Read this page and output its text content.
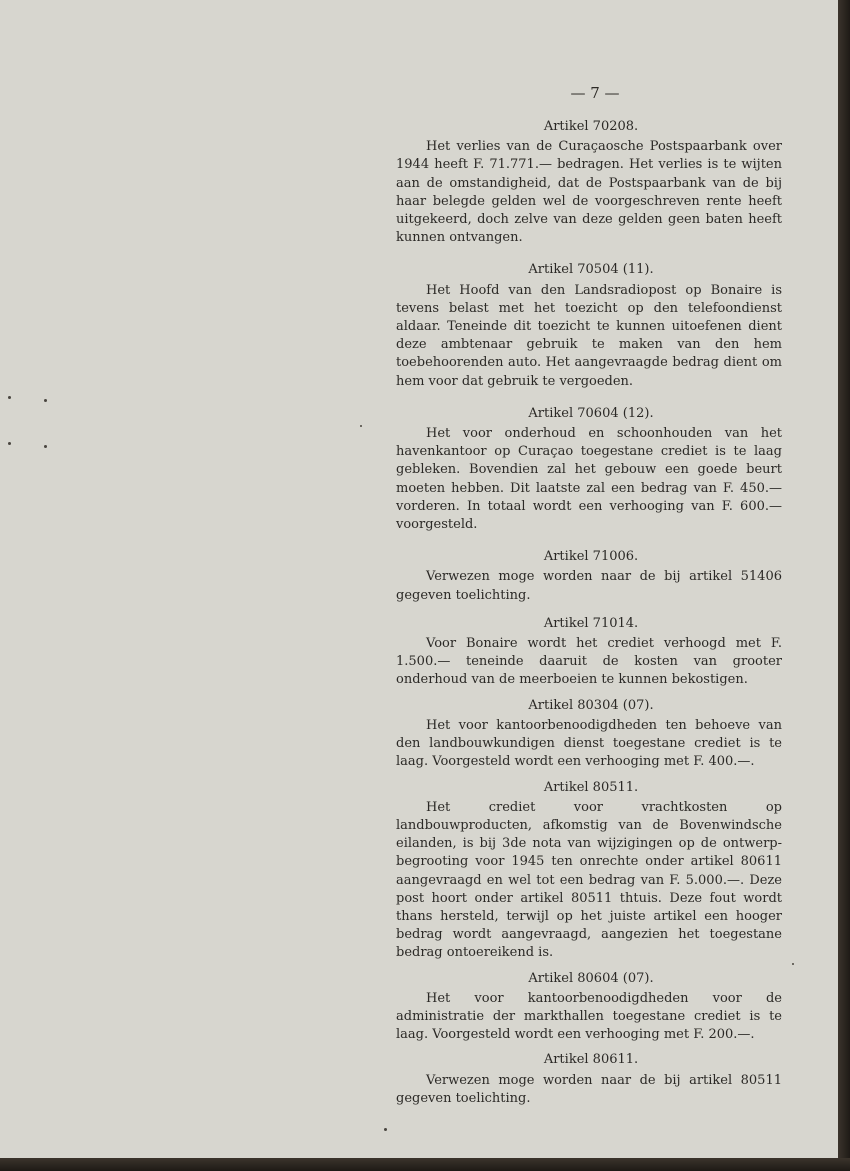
— 7 —

Artikel 70208.

Het verlies van de Curaçaosche Postspaarbank over 1944 heeft F. 71.771.— bedragen. Het verlies is te wijten aan de omstandigheid, dat de Postspaarbank van de bij haar belegde gelden wel de voorgeschreven rente heeft uitgekeerd, doch zelve van deze gelden geen baten heeft kunnen ontvangen.

Artikel 70504 (11).

Het Hoofd van den Landsradiopost op Bonaire is tevens belast met het toezicht op den telefoondienst aldaar. Teneinde dit toezicht te kunnen uitoefenen dient deze ambtenaar gebruik te maken van den hem toebehoorenden auto. Het aangevraagde bedrag dient om hem voor dat gebruik te vergoeden.

Artikel 70604 (12).

Het voor onderhoud en schoonhouden van het havenkantoor op Curaçao toegestane crediet is te laag gebleken. Bovendien zal het gebouw een goede beurt moeten hebben. Dit laatste zal een bedrag van F. 450.— vorderen. In totaal wordt een verhooging van F. 600.— voorgesteld.

Artikel 71006.

Verwezen moge worden naar de bij artikel 51406 gegeven toelichting.

Artikel 71014.

Voor Bonaire wordt het crediet verhoogd met F. 1.500.— teneinde daaruit de kosten van grooter onderhoud van de meerboeien te kunnen bekostigen.

Artikel 80304 (07).

Het voor kantoorbenoodigdheden ten behoeve van den landbouwkundigen dienst toegestane crediet is te laag. Voorgesteld wordt een verhooging met F. 400.—.

Artikel 80511.

Het crediet voor vrachtkosten op landbouwproducten, afkomstig van de Bovenwindsche eilanden, is bij 3de nota van wijzigingen op de ontwerp-begrooting voor 1945 ten onrechte onder artikel 80611 aangevraagd en wel tot een bedrag van F. 5.000.—. Deze post hoort onder artikel 80511 thtuis. Deze fout wordt thans hersteld, terwijl op het juiste artikel een hooger bedrag wordt aangevraagd, aangezien het toegestane bedrag ontoereikend is.

Artikel 80604 (07).

Het voor kantoorbenoodigdheden voor de administratie der markthallen toegestane crediet is te laag. Voorgesteld wordt een verhooging met F. 200.—.

Artikel 80611.

Verwezen moge worden naar de bij artikel 80511 gegeven toelichting.
